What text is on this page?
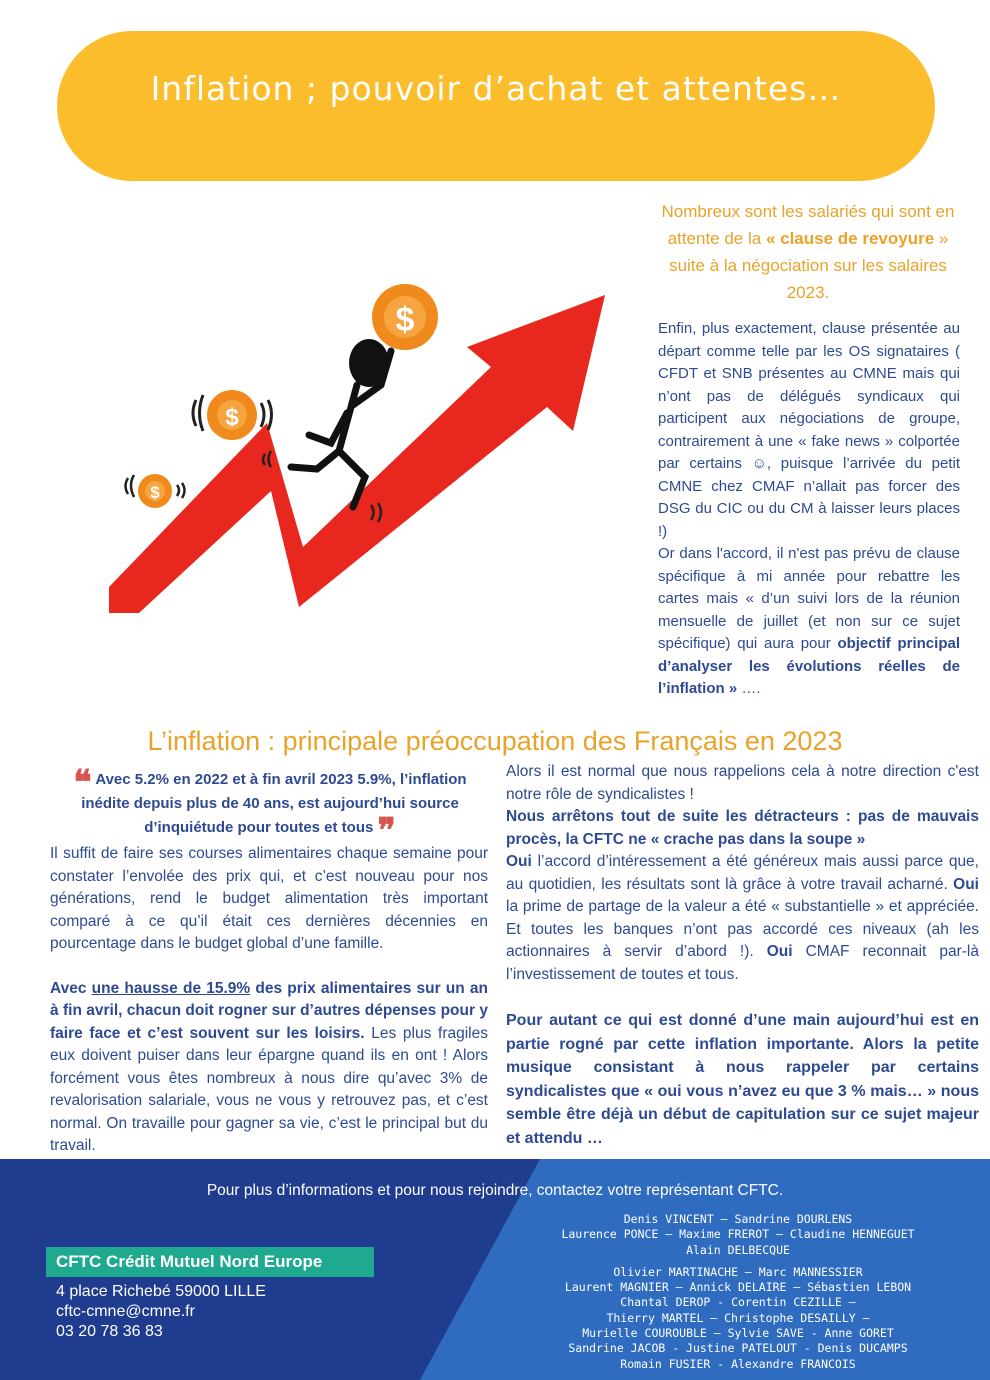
Inflation ; pouvoir d’achat et attentes…
$
$
$

Nombreux sont les salariés qui sont en attente de la « clause de revoyure » suite à la négociation sur les salaires 2023.

Enfin, plus exactement, clause présentée au départ comme telle par les OS signataires ( CFDT et SNB présentes au CMNE mais qui n’ont pas de délégués syndicaux qui participent aux négociations de groupe, contrairement à une « fake news » colportée par certains ☺, puisque l’arrivée du petit CMNE chez CMAF n’allait pas forcer des DSG du CIC ou du CM à laisser leurs places !)

Or dans l'accord, il n'est pas prévu de clause spécifique à mi année pour rebattre les cartes mais « d’un suivi lors de la réunion mensuelle de juillet (et non sur ce sujet spécifique) qui aura pour objectif principal d’analyser les évolutions réelles de l’inflation » ….

L’inflation : principale préoccupation des Français en 2023

❝ Avec 5.2% en 2022 et à fin avril 2023 5.9%, l’inflation inédite depuis plus de 40 ans, est aujourd’hui source d’inquiétude pour toutes et tous ❞

Il suffit de faire ses courses alimentaires chaque semaine pour constater l’envolée des prix qui, et c’est nouveau pour nos générations, rend le budget alimentation très important comparé à ce qu’il était ces dernières décennies en pourcentage dans le budget global d’une famille.

Avec une hausse de 15.9% des prix alimentaires sur un an à fin avril, chacun doit rogner sur d’autres dépenses pour y faire face et c’est souvent sur les loisirs. Les plus fragiles eux doivent puiser dans leur épargne quand ils en ont ! Alors forcément vous êtes nombreux à nous dire qu’avec 3% de revalorisation salariale, vous ne vous y retrouvez pas, et c’est normal. On travaille pour gagner sa vie, c’est le principal but du travail.

Alors il est normal que nous rappelions cela à notre direction c'est notre rôle de syndicalistes !

Nous arrêtons tout de suite les détracteurs : pas de mauvais procès, la CFTC ne « crache pas dans la soupe »

Oui l’accord d’intéressement a été généreux mais aussi parce que, au quotidien, les résultats sont là grâce à votre travail acharné. Oui la prime de partage de la valeur a été « substantielle » et appréciée. Et toutes les banques n’ont pas accordé ces niveaux (ah les actionnaires à servir d’abord !). Oui CMAF reconnait par-là l’investissement de toutes et tous.

Pour autant ce qui est donné d’une main aujourd’hui est en partie rogné par cette inflation importante. Alors la petite musique consistant à nous rappeler par certains syndicalistes que « oui vous n’avez eu que 3 % mais… » nous semble être déjà un début de capitulation sur ce sujet majeur et attendu …

Pour plus d’informations et pour nous rejoindre, contactez votre représentant CFTC.

CFTC Crédit Mutuel Nord Europe
4 place Richebé 59000 LILLE
cftc-cmne@cmne.fr
03 20 78 36 83
Denis VINCENT – Sandrine DOURLENS
Laurence PONCE – Maxime FREROT – Claudine HENNEGUET
Alain DELBECQUE
Olivier MARTINACHE – Marc MANNESSIER
Laurent MAGNIER – Annick DELAIRE – Sébastien LEBON
Chantal DEROP - Corentin CEZILLE –
Thierry MARTEL – Christophe DESAILLY –
Murielle COUROUBLE – Sylvie SAVE - Anne GORET
Sandrine JACOB - Justine PATELOUT - Denis DUCAMPS
Romain FUSIER - Alexandre FRANCOIS
